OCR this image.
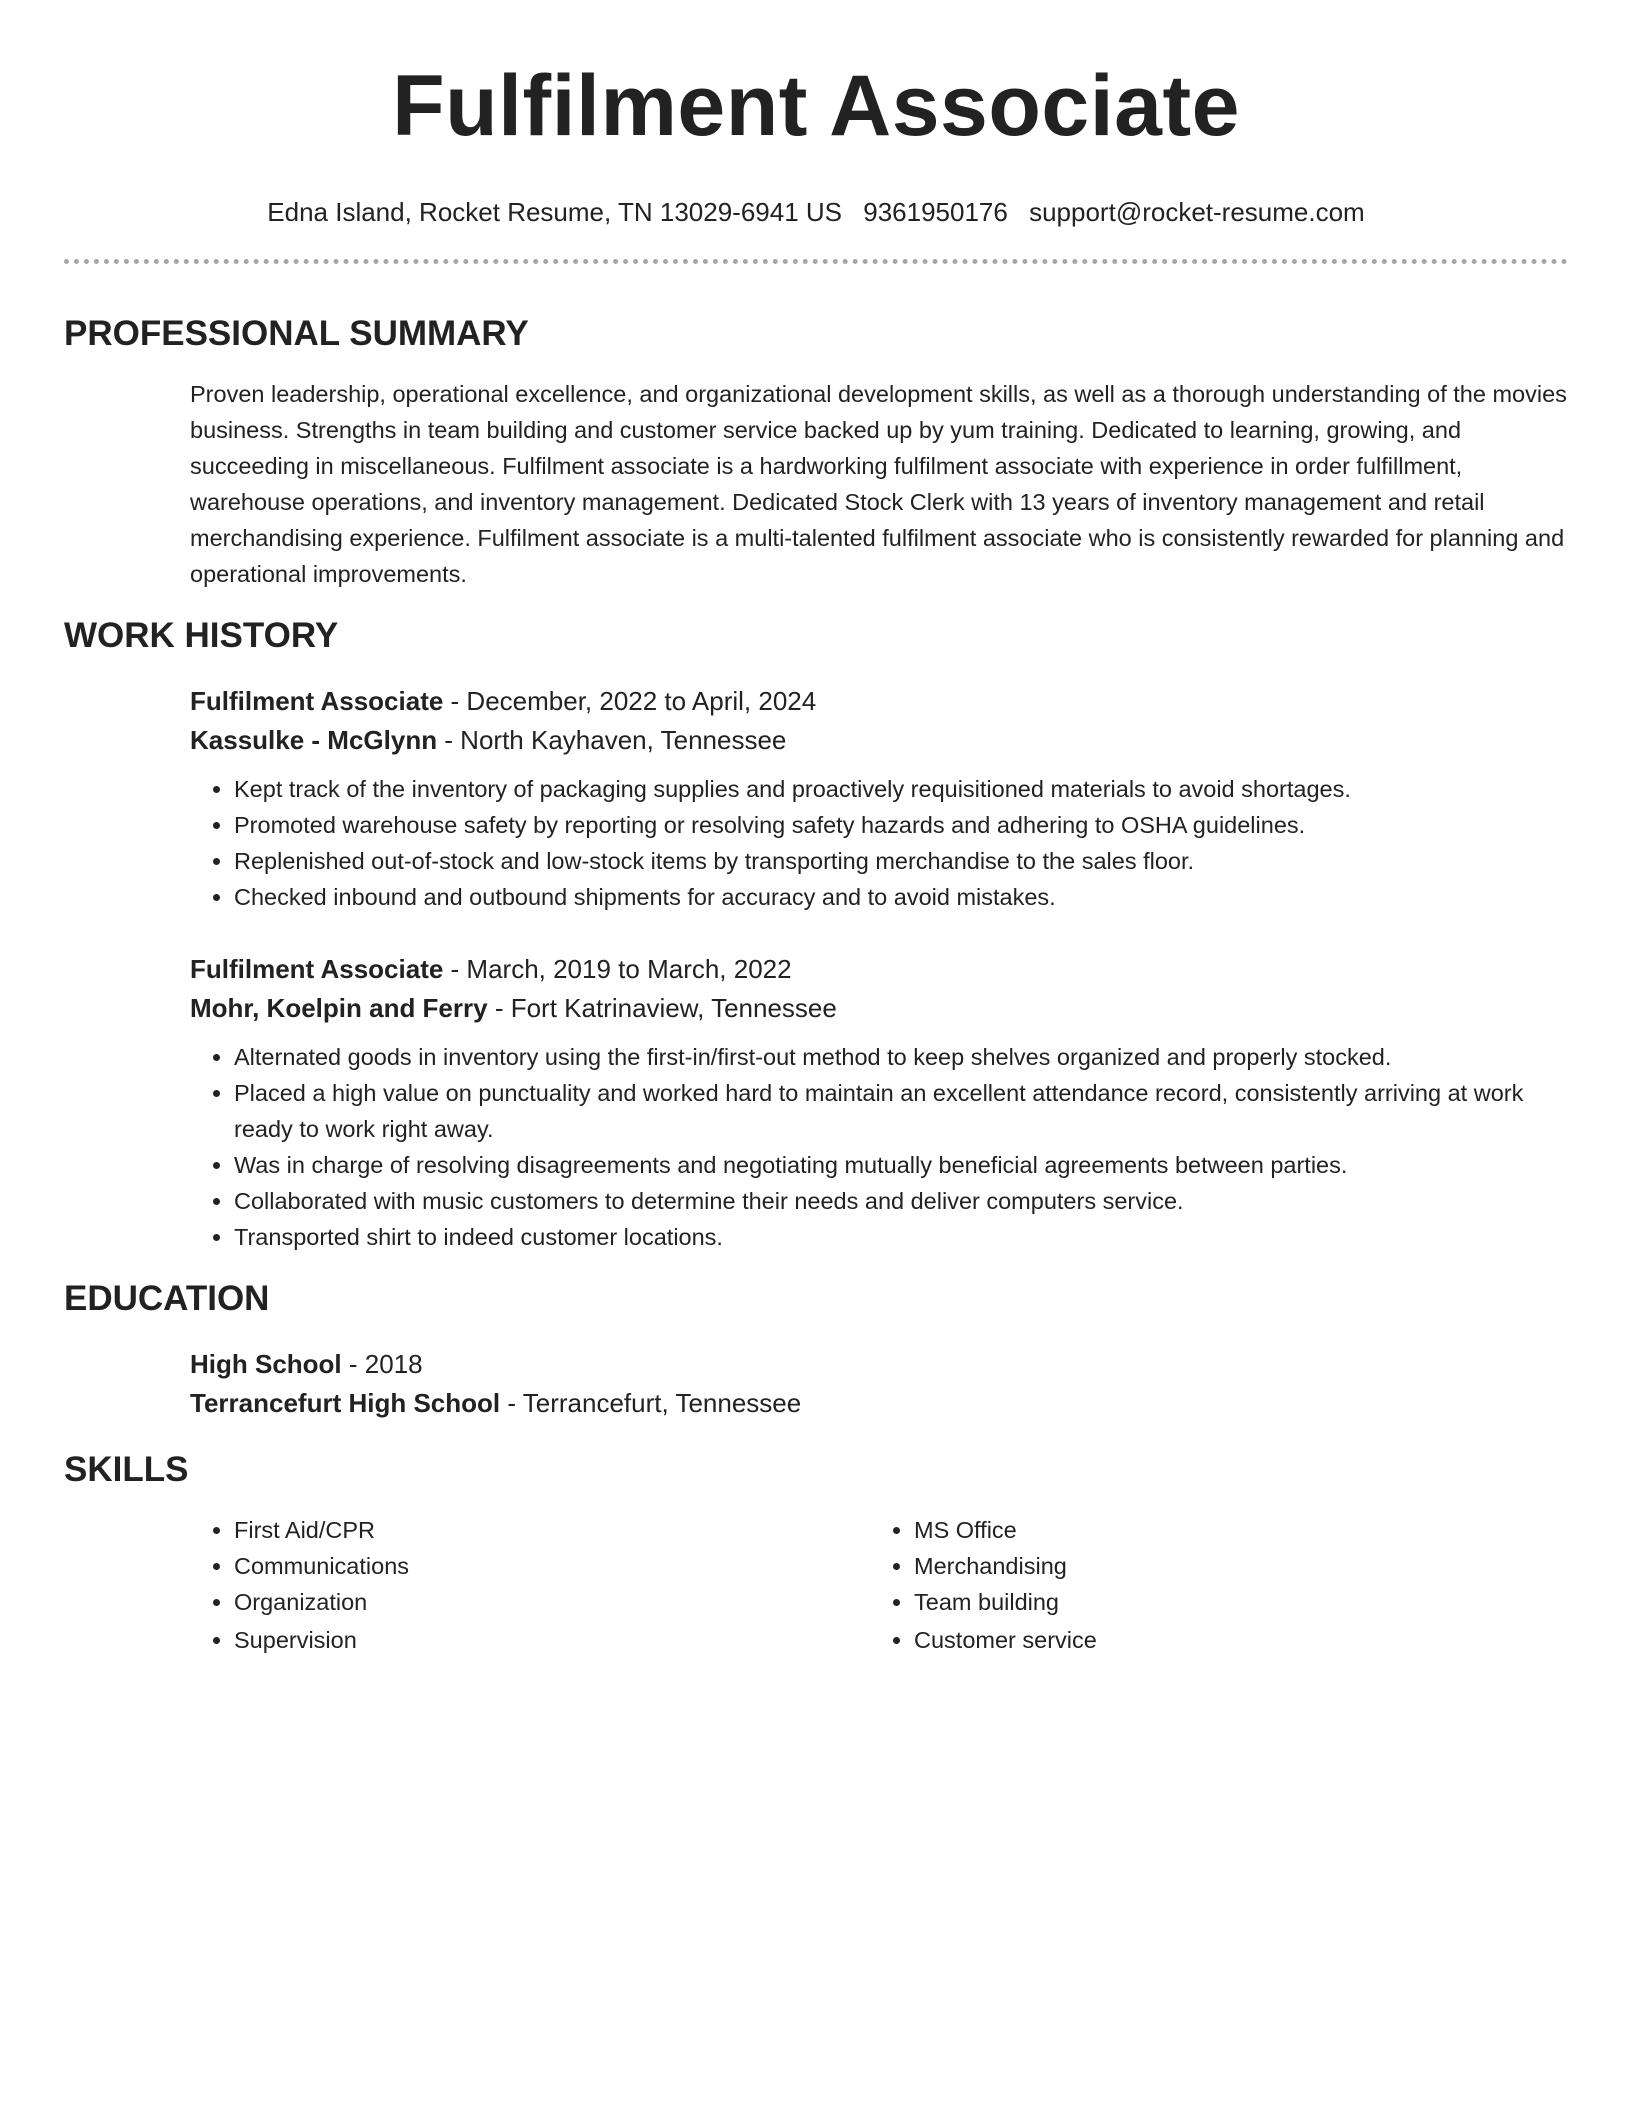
Fulfilment Associate
Edna Island, Rocket Resume, TN 13029-6941 US 9361950176 support@rocket-resume.com
PROFESSIONAL SUMMARY

Proven leadership, operational excellence, and organizational development skills, as well as a thorough understanding of the movies business. Strengths in team building and customer service backed up by yum training. Dedicated to learning, growing, and succeeding in miscellaneous. Fulfilment associate is a hardworking fulfilment associate with experience in order fulfillment, warehouse operations, and inventory management. Dedicated Stock Clerk with 13 years of inventory management and retail merchandising experience. Fulfilment associate is a multi-talented fulfilment associate who is consistently rewarded for planning and operational improvements.

WORK HISTORY
Fulfilment Associate - December, 2022 to April, 2024
Kassulke - McGlynn - North Kayhaven, Tennessee
• Kept track of the inventory of packaging supplies and proactively requisitioned materials to avoid shortages.
• Promoted warehouse safety by reporting or resolving safety hazards and adhering to OSHA guidelines.
• Replenished out-of-stock and low-stock items by transporting merchandise to the sales floor.
• Checked inbound and outbound shipments for accuracy and to avoid mistakes.
Fulfilment Associate - March, 2019 to March, 2022
Mohr, Koelpin and Ferry - Fort Katrinaview, Tennessee
• Alternated goods in inventory using the first-in/first-out method to keep shelves organized and properly stocked.
• Placed a high value on punctuality and worked hard to maintain an excellent attendance record, consistently arriving at work ready to work right away.
• Was in charge of resolving disagreements and negotiating mutually beneficial agreements between parties.
• Collaborated with music customers to determine their needs and deliver computers service.
• Transported shirt to indeed customer locations.
EDUCATION
High School - 2018
Terrancefurt High School - Terrancefurt, Tennessee
SKILLS
• First Aid/CPR
• Communications
• Organization
• Supervision
• MS Office
• Merchandising
• Team building
• Customer service
